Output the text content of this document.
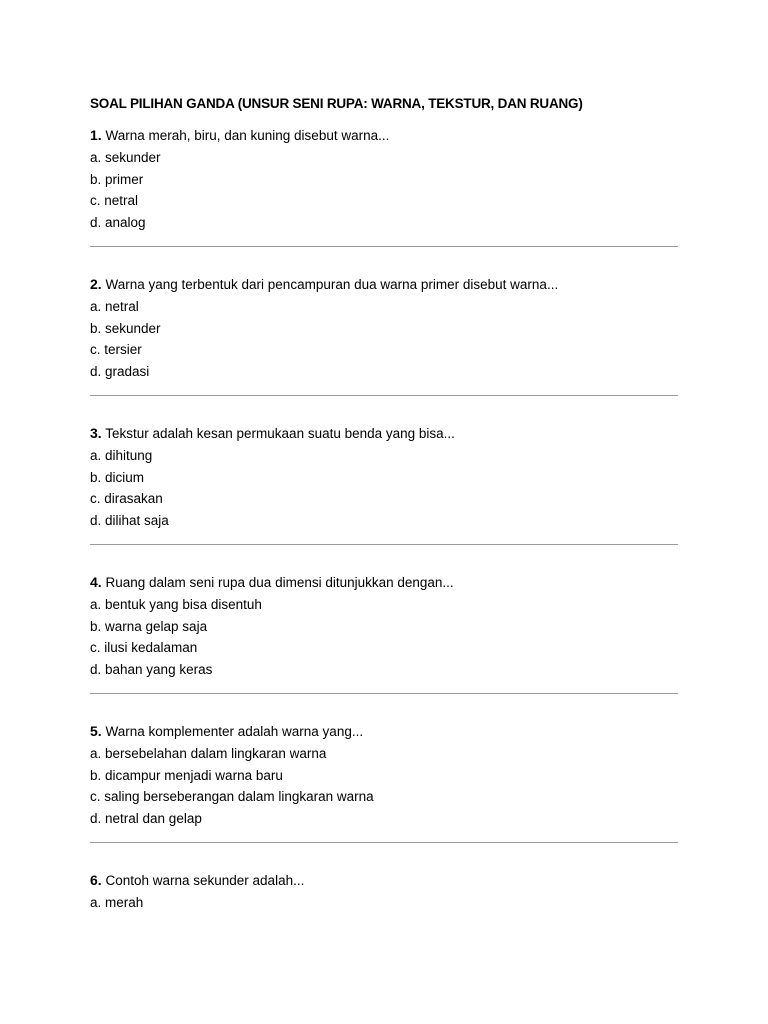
SOAL PILIHAN GANDA (UNSUR SENI RUPA: WARNA, TEKSTUR, DAN RUANG)
1. Warna merah, biru, dan kuning disebut warna...
a. sekunder
b. primer
c. netral
d. analog
2. Warna yang terbentuk dari pencampuran dua warna primer disebut warna...
a. netral
b. sekunder
c. tersier
d. gradasi
3. Tekstur adalah kesan permukaan suatu benda yang bisa...
a. dihitung
b. dicium
c. dirasakan
d. dilihat saja
4. Ruang dalam seni rupa dua dimensi ditunjukkan dengan...
a. bentuk yang bisa disentuh
b. warna gelap saja
c. ilusi kedalaman
d. bahan yang keras
5. Warna komplementer adalah warna yang...
a. bersebelahan dalam lingkaran warna
b. dicampur menjadi warna baru
c. saling berseberangan dalam lingkaran warna
d. netral dan gelap
6. Contoh warna sekunder adalah...
a. merah
